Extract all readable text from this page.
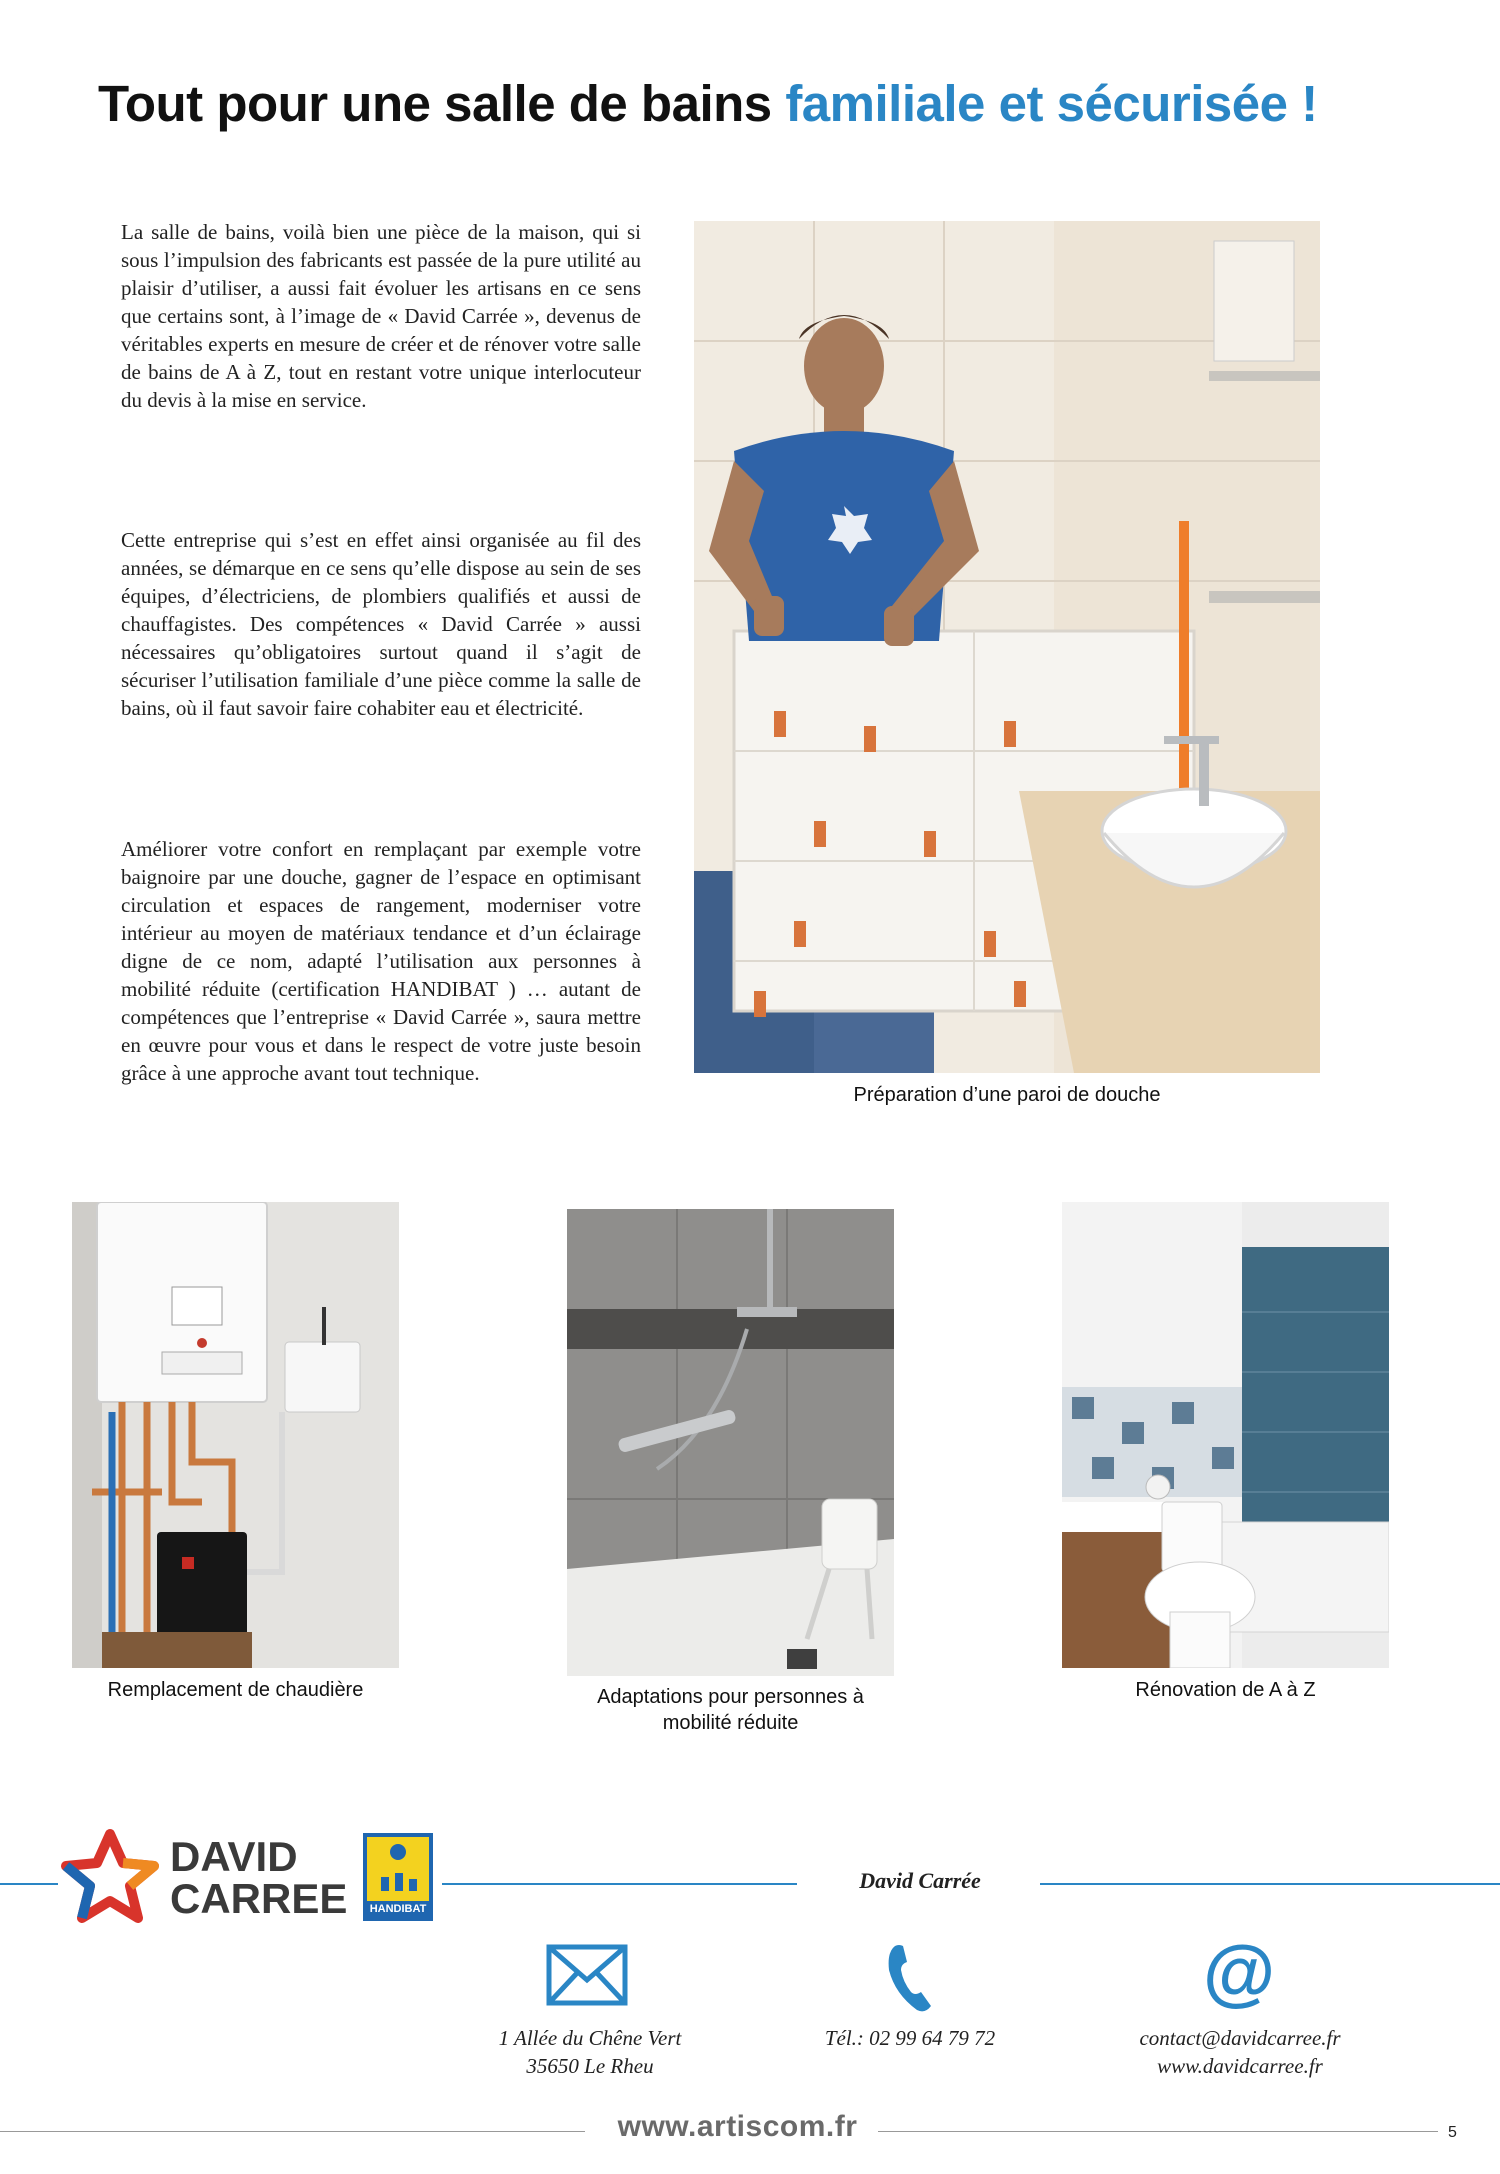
Tout pour une salle de bains familiale et sécurisée !

La salle de bains, voilà bien une pièce de la maison, qui si sous l’impulsion des fabricants est passée de la pure utilité au plaisir d’utiliser, a aussi fait évoluer les artisans en ce sens que certains sont, à l’image de « David Carrée », devenus de véritables experts en mesure de créer et de rénover votre salle de bains de A à Z, tout en restant votre unique interlocuteur du devis à la mise en service.

Cette entreprise qui s’est en effet ainsi organisée au fil des années, se démarque en ce sens qu’elle dispose au sein de ses équipes, d’électriciens, de plombiers qualifiés et aussi de chauffagistes. Des compétences « David Carrée » aussi nécessaires qu’obligatoires surtout quand il s’agit de sécuriser l’utilisation familiale d’une pièce comme la salle de bains, où il faut savoir faire cohabiter eau et électricité.

Améliorer votre confort en remplaçant par exemple votre baignoire par une douche, gagner de l’espace en optimisant circulation et espaces de rangement, moderniser votre intérieur au moyen de matériaux tendance et d’un éclairage digne de ce nom, adapté l’utilisation aux personnes à mobilité réduite (certification HANDIBAT ) … autant de compétences que l’entreprise « David Carrée », saura mettre en œuvre pour vous et dans le respect de votre juste besoin grâce à une approche avant tout technique.

Préparation d’une paroi de douche
Remplacement de chaudière	Adaptations pour personnes à
mobilité réduite
Rénovation de A à Z
DAVID
CARREE	HANDIBAT
David Carrée
@
1 Allée du Chêne Vert
35650 Le Rheu
Tél.: 02 99 64 79 72	contact@davidcarree.fr
www.davidcarree.fr
www.artiscom.fr	5
